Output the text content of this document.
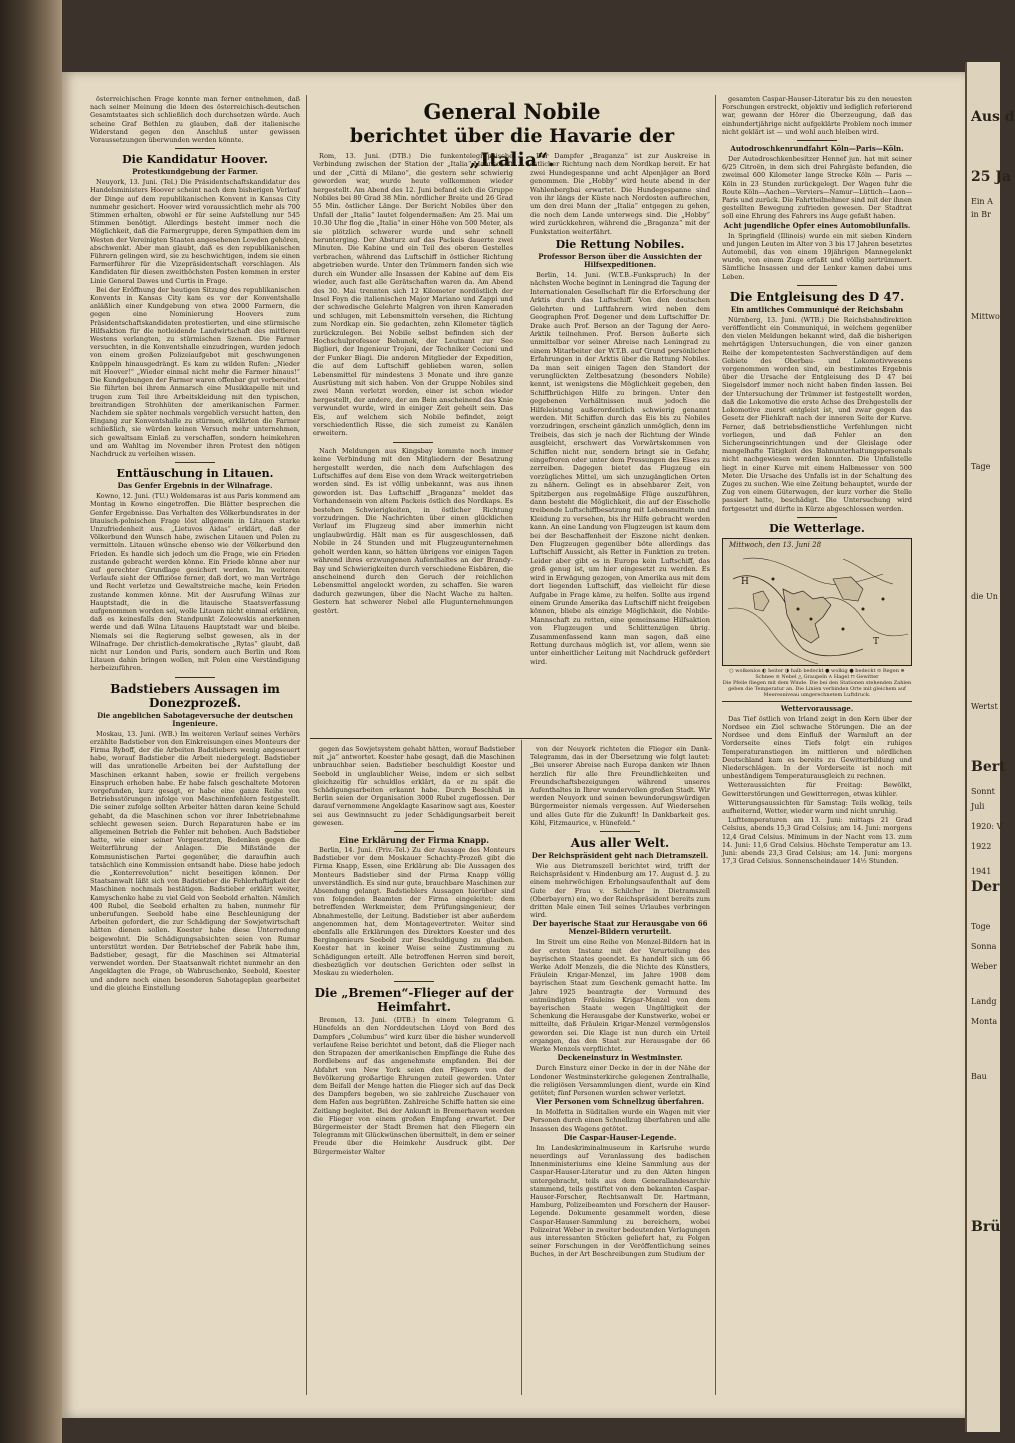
österreichischen Frage konnte man ferner entnehmen, daß nach seiner Meinung die Ideen des österreichisch-deutschen Gesamtstaates sich schließlich doch durchsetzen würde. Auch scheine Graf Bethlen zu glauben, daß der italienische Widerstand gegen den Anschluß unter gewissen Voraussetzungen überwunden werden könnte.

Die Kandidatur Hoover.
Protestkundgebung der Farmer.

Neuyork, 13. Juni. (Tel.) Die Präsidentschaftskandidatur des Handelsministers Hoover scheint nach dem bisherigen Verlauf der Dinge auf dem republikanischen Konvent in Kansas City nunmehr gesichert. Hoover wird voraussichtlich mehr als 700 Stimmen erhalten, obwohl er für seine Aufstellung nur 545 Stimmen benötigt. Allerdings besteht immer noch die Möglichkeit, daß die Farmergruppe, deren Sympathien dem im Westen der Vereinigten Staaten angesehenen Lowden gehören, abschwenkt. Aber man glaubt, daß es den republikanischen Führern gelingen wird, sie zu beschwichtigen, indem sie einen Farmerführer für die Vizepräsidentschaft vorschlagen. Als Kandidaten für diesen zweithöchsten Posten kommen in erster Linie General Dawes und Curtis in Frage.

Bei der Eröffnung der heutigen Sitzung des republikanischen Konvents in Kansas City kam es vor der Konventshalle anläßlich einer Kundgebung von etwa 2000 Farmern, die gegen eine Nominierung Hoovers zum Präsidentschaftskandidaten protestierten, und eine stürmische Hilfsaktion für die notleidende Landwirtschaft des mittleren Westens verlangten, zu stürmischen Szenen. Die Farmer versuchten, in die Konventshalle einzudringen, wurden jedoch von einem großen Polizeiaufgebot mit geschwungenen Knüppeln hinausgedrängt. Es kam zu wilden Rufen: „Nieder mit Hoover!“ „Wieder einmal nicht mehr die Farmer hinaus!“ Die Kundgebungen der Farmer waren offenbar gut vorbereitet. Sie führten bei ihrem Anmarsch eine Musikkapelle mit und trugen zum Teil ihre Arbeitskleidung mit den typischen, breitrandigen Strohhüten der amerikanischen Farmer. Nachdem sie später nochmals vergeblich versucht hatten, den Eingang zur Konventshalle zu stürmen, erklärten die Farmer schließlich, sie würden keinen Versuch mehr unternehmen, sich gewaltsam Einlaß zu verschaffen, sondern heimkehren und am Wahltag im November ihren Protest den nötigen Nachdruck zu verleihen wissen.

Enttäuschung in Litauen.
Das Genfer Ergebnis in der Wilnafrage.

Kowno, 12. Juni. (TU.) Woldemaras ist aus Paris kommend am Montag in Kowno eingetroffen. Die Blätter besprechen die Genfer Ergebnisse. Das Verhalten des Völkerbundsrates in der litauisch-polnischen Frage löst allgemein in Litauen starke Unzufriedenheit aus. „Lietuvos Aidas“ erklärt, daß der Völkerbund den Wunsch habe, zwischen Litauen und Polen zu vermitteln. Litauen wünsche ebenso wie der Völkerbund den Frieden. Es handle sich jedoch um die Frage, wie ein Frieden zustande gebracht werden könne. Ein Friede könne aber nur auf gerechter Grundlage gesichert werden. Im weiteren Verlaufe sieht der Offiziöse ferner, daß dort, wo man Verträge und Recht verletze und Gewaltstreiche mache, kein Frieden zustande kommen könne. Mit der Ausrufung Wilnas zur Hauptstadt, die in die litauische Staatsverfassung aufgenommen worden sei, wolle Litauen nicht einmal erklären, daß es keinesfalls den Standpunkt Zeleowskis anerkennen werde und daß Wilna Litauens Hauptstadt war und bleibe. Niemals sei die Regierung selbst gewesen, als in der Wilnafrage. Der christlich-demokratische „Rytas“ glaubt, daß nicht nur London und Paris, sondern auch Berlin und Rom Litauen dahin bringen wollen, mit Polen eine Verständigung herbeizuführen.

Badstiebers Aussagen im Donezprozeß.
Die angeblichen Sabotageversuche der deutschen Ingenieure.

Moskau, 13. Juni. (WB.) Im weiteren Verlauf seines Verhörs erzählte Badstieber von den Einkreisungen eines Monteurs der Firma Ryboff, der die Arbeiten Badstiebers wenig angeseuert habe, worauf Badstieber die Arbeit niedergelegt. Badstieber will das unrationelle Arbeiten bei der Aufstellung der Maschinen erkannt haben, sowie er freilich vergebens Einspruch erhoben habe. Er habe falsch geschaltete Motoren vorgefunden, kurz gesagt, er habe eine ganze Reihe von Betriebsstörungen infolge von Maschinenfehlern festgestellt. Die seiner zufolge sollten Arbeiter hätten daran keine Schuld gehabt, da die Maschinen schon vor ihrer Inbetriebnahme schlecht gewesen seien. Durch Reparaturen habe er im allgemeinen Betrieb die Fehler mit behoben. Auch Badstieber hatte, wie einer seiner Vorgesetzten, Bedenken gegen die Weiterführung der Anlagen. Die Mißstände der Kommunistischen Partei gegenüber, die daraufhin auch tatsächlich eine Kommission entsandt habe. Diese habe jedoch die „Konterrevolution“ nicht beseitigen können. Der Staatsanwalt läßt sich von Badstieber die Fehlerhaftigkeit der Maschinen nochmals bestätigen. Badstieber erklärt weiter, Kamyschenko habe zu viel Geld von Seebold erhalten. Nämlich 400 Rubel, die Seebold erhalten zu haben, nunmehr für unberufungen. Seebold habe eine Beschleunigung der Arbeiten gefordert, die zur Schädigung der Sowjetwirtschaft hätten dienen sollen. Koester habe diese Unterredung beigewohnt. Die Schädigungsabsichten seien von Rumar unterstützt worden. Der Betriebschef der Fabrik habe ihm, Badstieber, gesagt, für die Maschinen sei Altmaterial verwendet worden. Der Staatsanwalt richtet nunmehr an den Angeklagten die Frage, ob Wabruschenko, Seebold, Koester und andere noch einen besonderen Sabotageplan gearbeitet und die gleiche Einstellung

General Nobile
berichtet über die Havarie der „Italia“.

Rom, 13. Juni. (DTB.) Die funkentelegraphische Verbindung zwischen der Station der „Italia“-Mannschaft und der „Città di Milano“, die gestern sehr schwierig geworden war, wurde heute vollkommen wieder hergestellt. Am Abend des 12. Juni befand sich die Gruppe Nobiles bei 80 Grad 38 Min. nördlicher Breite und 26 Grad 55 Min. östlicher Länge. Der Bericht Nobiles über den Unfall der „Italia“ lautet folgendermaßen: Am 25. Mai um 10.30 Uhr flog die „Italia“ in einer Höhe von 500 Meter, als sie plötzlich schwerer wurde und sehr schnell herunterging. Der Absturz auf das Packeis dauerte zwei Minuten. Die Kabine und ein Teil des oberen Gestelles verbrachen, während das Luftschiff in östlicher Richtung abgetrieben wurde. Unter den Trümmern fanden sich wie durch ein Wunder alle Insassen der Kabine auf dem Eis wieder, auch fast alle Gerätschaften waren da. Am Abend des 30. Mai trennten sich 12 Kilometer nordöstlich der Insel Foyn die italienischen Major Mariano und Zappi und der schwedische Gelehrte Malgren von ihren Kameraden und schlugen, mit Lebensmitteln versehen, die Richtung zum Nordkap ein. Sie gedachten, zehn Kilometer täglich zurückzulegen. Bei Nobile selbst befinden sich der Hochschulprofessor Behunek, der Leutnant zur See Biglieri, der Ingenieur Trojani, der Techniker Cecioni und der Funker Biagi. Die anderen Mitglieder der Expedition, die auf dem Luftschiff geblieben waren, sollen Lebensmittel für mindestens 3 Monate und ihre ganze Ausrüstung mit sich haben. Von der Gruppe Nobiles sind zwei Mann verletzt worden, einer ist schon wieder hergestellt, der andere, der am Bein anscheinend das Knie verwundet wurde, wird in einiger Zeit geheilt sein. Das Eis, auf welchem sich Nobile befindet, zeigt verschiedentlich Risse, die sich zumeist zu Kanälen erweitern.

Nach Meldungen aus Kingsbay kommte noch immer keine Verbindung mit den Mitgliedern der Besatzung hergestellt werden, die nach dem Aufschlagen des Luftschiffes auf dem Eise von dem Wrack weitergetrieben worden sind. Es ist völlig unbekannt, was aus ihnen geworden ist. Das Luftschiff „Braganza“ meldet das Vorhandensein von altem Packeis östlich des Nordkaps. Es bestehen Schwierigkeiten, in östlicher Richtung vorzudringen. Die Nachrichten über einen glücklichen Verlauf im Flugzeug sind aber immerhin nicht unglaubwürdig. Hält man es für ausgeschlossen, daß Nobile in 24 Stunden und mit Flugzeugunternehmen geholt werden kann, so hätten übrigens vor einigen Tagen während ihres erzwungenen Aufenthaltes an der Brandy-Bay und Schwierigkeiten durch verschiedene Eisbären, die anscheinend durch den Geruch der reichlichen Lebensmittel angelockt worden, zu schaffen. Sie waren dadurch gezwungen, über die Nacht Wache zu halten. Gestern hat schwerer Nebel alle Flugunternehmungen gestört.

Der Dampfer „Braganza“ ist zur Auskreise in östlicher Richtung nach dem Nordkap bereit. Er hat zwei Hundegespanne und acht Alpenjäger an Bord genommen. Die „Hobby“ wird heute abend in der Wahlenbergbai erwartet. Die Hundegespanne sind von ihr längs der Küste nach Nordosten aufbrechen, um den drei Mann der „Italia“ entgegen zu gehen, die noch dem Lande unterwegs sind. Die „Hobby“ wird zurückkehren, während die „Braganza“ mit der Funkstation weiterfährt.

Die Rettung Nobiles.
Professor Berson über die Aussichten der Hilfsexpeditionen.

Berlin, 14. Juni. (W.T.B.-Funkspruch) In der nächsten Woche beginnt in Leningrad die Tagung der Internationalen Gesellschaft für die Erforschung der Arktis durch das Luftschiff. Von den deutschen Gelehrten und Luftfahrern wird neben dem Geographen Prof. Degener und dem Luftschiffer Dr. Drake auch Prof. Berson an der Tagung der Aero-Arktik teilnehmen. Prof. Berson äußerte sich unmittelbar vor seiner Abreise nach Leningrad zu einem Mitarbeiter der W.T.B. auf Grund persönlicher Erfahrungen in der Arktis über die Rettung Nobiles. Da man seit einigen Tagen den Standort der verunglückten Zeltbesatzung (besonders Nobile) kennt, ist wenigstens die Möglichkeit gegeben, den Schiffbrüchigen Hilfe zu bringen. Unter den gegebenen Verhältnissen muß jedoch die Hilfeleistung außerordentlich schwierig genannt werden. Mit Schiffen durch das Eis bis zu Nobiles vorzudringen, erscheint gänzlich unmöglich, denn im Treibeis, das sich je nach der Richtung der Winde ausgleicht, erschwert das Vorwärtskommen von Schiffen nicht nur, sondern bringt sie in Gefahr, eingefroren oder unter dem Pressungen des Eises zu zerreiben. Dagegen bietet das Flugzeug ein vorzügliches Mittel, um sich unzugänglichen Orten zu nähern. Gelingt es in absehbarer Zeit, von Spitzbergen aus regelmäßige Flüge auszuführen, dann besteht die Möglichkeit, die auf der Eisscholle treibende Luftschiffbesatzung mit Lebensmitteln und Kleidung zu versehen, bis ihr Hilfe gebracht werden kann. An eine Landung von Flugzeugen ist kaum dem bei der Beschaffenheit der Eiszone nicht denken. Den Flugzeugen gegenüber böte allerdings das Luftschiff Aussicht, als Retter in Funktion zu treten. Leider aber gibt es in Europa kein Luftschiff, das groß genug ist, um hier eingesetzt zu werden. Es wird in Erwägung gezogen, von Amerika aus mit dem dort liegenden Luftschiff, das vielleicht für diese Aufgabe in Frage käme, zu helfen. Sollte aus irgend einem Grunde Amerika das Luftschiff nicht freigeben können, bliebe als einzige Möglichkeit, die Nobile-Mannschaft zu retten, eine gemeinsame Hilfsaktion von Flugzeugen und Schlittenzügen übrig. Zusammenfassend kann man sagen, daß eine Rettung durchaus möglich ist, vor allem, wenn sie unter einheitlicher Leitung mit Nachdruck gefördert wird.

gegen das Sowjetsystem gehabt hätten, worauf Badstieber mit „ja“ antwortet. Koester habe gesagt, daß die Maschinen unbrauchbar seien. Badstieber beschuldigt Koester und Seebold in unglaublicher Weise, indem er sich selbst gleichzeitig für schuldlos erklärt, da er zu spät die Schädigungsarbeiten erkannt habe. Durch Beschluß in Berlin seien der Organisation 3000 Rubel zugeflossen. Der darauf vernommene Angeklagte Kasarinow sagt aus, Koester sei aus Gewinnsucht zu jeder Schädigungsarbeit bereit gewesen.

Eine Erklärung der Firma Knapp.

Berlin, 14. Juni. (Priv.-Tel.) Zu der Aussage des Monteurs Badstieber vor dem Moskauer Schachty-Prozeß gibt die Firma Knapp, Essen, eine Erklärung ab: Die Aussagen des Monteurs Badstieber sind der Firma Knapp völlig unverständlich. Es sind nur gute, brauchbare Maschinen zur Absendung gelangt. Badstieblers Aussagen hierüber sind von folgenden Beamten der Firma eingeleitet: dem betreffenden Werkmeister, dem Prüfungsingenieur, der Abnahmestelle, der Leitung. Badstieber ist aber außerdem angenommen hat, dem Montagevertreter. Weiter sind ebenfalls alle Erklärungen des Direktors Koester und des Bergingenieurs Seebold zur Beschuldigung zu glauben. Koester hat in keiner Weise seine Zustimmung zu Schädigungen erteilt. Alle betroffenen Herren sind bereit, diesbezüglich vor deutschen Gerichten oder selbst in Moskau zu wiederholen.

Die „Bremen“-Flieger auf der Heimfahrt.

Bremen, 13. Juni. (DTB.) In einem Telegramm G. Hünefelds an den Norddeutschen Lloyd von Bord des Dampfers „Columbus“ wird kurz über die bisher wundervoll verlaufene Reise berichtet und betont, daß die Flieger nach den Strapazen der amerikanischen Empfänge die Ruhe des Bordlebens auf das angenehmste empfanden. Bei der Abfahrt von New York seien den Fliegern von der Bevölkerung großartige Ehrungen zuteil geworden. Unter dem Beifall der Menge hatten die Flieger sich auf das Deck des Dampfers begeben, wo sie zahlreiche Zuschauer von dem Hafen aus begrüßten. Zahlreiche Schiffe hatten sie eine Zeitlang begleitet. Bei der Ankunft in Bremerhaven werden die Flieger von einem großen Empfang erwartet. Der Bürgermeister der Stadt Bremen hat den Fliegern ein Telegramm mit Glückwünschen übermittelt, in dem er seiner Freude über die Heimkehr Ausdruck gibt. Der Bürgermeister Walter

von der Neuyork richteten die Flieger ein Dank-Telegramm, das in der Übersetzung wie folgt lautet: „Bei unserer Abreise nach Europa danken wir Ihnen herzlich für alle Ihre Freundlichkeiten und Freundschaftsbezeigungen während unseres Aufenthaltes in Ihrer wundervollen großen Stadt. Wir werden Neuyork und seinen bewunderungswürdigen Bürgermeister niemals vergessen. Auf Wiedersehen und alles Gute für die Zukunft! In Dankbarkeit ges. Köhl, Fitzmaurice, v. Hünefeld.“

Aus aller Welt.
Der Reichspräsident geht nach Dietramszell.

Wie aus Dietramszell berichtet wird, trifft der Reichspräsident v. Hindenburg am 17. August d. J. zu einem mehrwöchigen Erholungsaufenthalt auf dem Gute der Frau v. Schilcher in Dietramszell (Oberbayern) ein, wo der Reichspräsident bereits zum dritten Male einen Teil seines Urlaubes verbringen wird.

Der bayerische Staat zur Herausgabe von 66 Menzel-Bildern verurteilt.

Im Streit um eine Reihe von Menzel-Bildern hat in der ersten Instanz mit der Verurteilung des bayrischen Staates geendet. Es handelt sich um 66 Werke Adolf Menzels, die die Nichte des Künstlers, Fräulein Krigar-Menzel, im Jahre 1908 dem bayrischen Staat zum Geschenk gemacht hatte. Im Jahre 1925 beantragte der Vormund des entmündigten Fräuleins Krigar-Menzel von dem bayerischen Staate wegen Ungültigkeit der Schenkung die Herausgabe der Kunstwerke, wobei er mitteilte, daß Fräulein Krigar-Menzel vermögenslos geworden sei. Die Klage ist nun durch ein Urteil ergangen, das den Staat zur Herausgabe der 66 Werke Menzels verpflichtet.

Deckeneinsturz in Westminster.

Durch Einsturz einer Decke in der in der Nähe der Londoner Westminsterkirche gelegenen Zentralhalle, die religiösen Versammlungen dient, wurde ein Kind getötet; fünf Personen wurden schwer verletzt.

Vier Personen vom Schnellzug überfahren.

In Molfetta in Süditalien wurde ein Wagen mit vier Personen durch einen Schnellzug überfahren und alle Insassen des Wagens getötet.

Die Caspar-Hauser-Legende.

Im Landeskriminalmuseum in Karlsruhe wurde neuerdings auf Veranlassung des badischen Innenministeriums eine kleine Sammlung aus der Caspar-Hauser-Literatur und zu den Akten hingen untergebracht, teils aus dem Generallandesarchiv stammend, teils gestiftet von dem bekannten Caspar-Hauser-Forscher, Rechtsanwalt Dr. Hartmann, Hamburg, Polizeibeamten und Forschern der Hauser-Legende. Dokumente gesammelt worden, diese Caspar-Hauser-Sammlung zu bereichern, wobei Polizeirat Weber in zweiter bedeutenden Verlagungen aus interessanten Stücken geliefert hat, zu Folgen seiner Forschungen in der Veröffentlichung seines Buches, in der Art Beschreibungen zum Studium der

gesamten Caspar-Hauser-Literatur bis zu den neuesten Forschungen erstreckt, objektiv und lediglich referierend war, gewann der Hörer die Überzeugung, daß das einhundertjährige nicht aufgeklärte Problem noch immer nicht geklärt ist — und wohl auch bleiben wird.

Autodroschkenrundfahrt Köln—Paris—Köln.

Der Autodroschkenbesitzer Hennef jun. hat mit seiner 6/25 Citroën, in dem sich drei Fahrgäste befanden, die zweimal 600 Kilometer lange Strecke Köln — Paris — Köln in 23 Stunden zurückgelegt. Der Wagen fuhr die Route Köln—Aachen—Verviers—Namur—Lüttich—Laon—Paris und zurück. Die Fahrtteilnehmer sind mit der ihnen gestellten Bewegung zufrieden gewesen. Der Stadtrat soll eine Ehrung des Fahrers ins Auge gefaßt haben.

Acht jugendliche Opfer eines Automobilunfalls.

In Springfield (Illinois) wurde ein mit sieben Kindern und jungen Leuten im Alter von 3 bis 17 Jahren besetztes Automobil, das von einem 19jährigen Mannegelenkt wurde, von einem Zuge erfaßt und völlig zertrümmert. Sämtliche Insassen und der Lenker kamen dabei ums Leben.

Die Entgleisung des D 47.
Ein amtliches Communiqué der Reichsbahn

Nürnberg, 13. Juni. (WTB.) Die Reichsbahndirektion veröffentlicht ein Communiqué, in welchem gegenüber den vielen Meldungen bekannt wird, daß die bisherigen mehrtägigen Untersuchungen, die von einer ganzen Reihe der kompetentesten Sachverständigen auf dem Gebiete des Oberbau- und Lokomotivwesens vorgenommen worden sind, ein bestimmtes Ergebnis über die Ursache der Entgleisung des D 47 bei Siegelsdorf immer noch nicht haben finden lassen. Bei der Untersuchung der Trümmer ist festgestellt worden, daß die Lokomotive die erste Achse des Drehgestells der Lokomotive zuerst entgleist ist, und zwar gegen das Gesetz der Fliehkraft nach der inneren Seite der Kurve. Ferner, daß betriebsdienstliche Verfehlungen nicht vorliegen, und daß Fehler an den Sicherungseinrichtungen und der Gleislage oder mangelhafte Tätigkeit des Bahnunterhaltungspersonals nicht nachgewiesen werden konnten. Die Unfallstelle liegt in einer Kurve mit einem Halbmesser von 500 Meter. Die Ursache des Unfalls ist in der Schaltung des Zuges zu suchen. Wie eine Zeitung behauptet, wurde der Zug von einem Güterwagen, der kurz vorher die Stelle passiert hatte, beschädigt. Die Untersuchung wird fortgesetzt und dürfte in Kürze abgeschlossen werden.

Die Wetterlage.
H
T
Mittwoch, den 13. Juni 28
○ wolkenlos ◐ heiter ◑ halb bedeckt ● wolkig ● bedeckt ⊙ Regen ⊛ Schnee ≡ Nebel △ Graupeln ∧ Hagel ⊓ Gewitter
Die Pfeile fliegen mit dem Winde. Die bei den Stationen stehenden Zahlen geben die Temperatur an. Die Linien verbinden Orte mit gleichem auf Meeresniveau umgerechnetem Luftdruck.
Wettervoraussage.

Das Tief östlich von Irland zeigt in den Kern über der Nordsee ein Ziel schwache Störungen. Die an der Nordsee und dem Einfluß der Warmluft an der Vorderseite eines Tiefs folgt ein ruhiges Temperaturanstiegen im mittleren und nördlichen Deutschland kam es bereits zu Gewitterbildung und Niederschlägen. In der Vorderseite ist noch mit unbeständigem Temperaturausgleich zu rechnen.

Wetteraussichten für Freitag: Bewölkt, Gewitterstörungen und Gewitterregen, etwas kühler.

Witterungsaussichten für Samstag: Teils wolkig, teils aufheiternd, Wetter, wieder warm und nicht unruhig.

Lufttemperaturen am 13. Juni: mittags 21 Grad Celsius, abends 15,3 Grad Celsius; am 14. Juni: morgens 12,4 Grad Celsius. Minimum in der Nacht vom 13. zum 14. Juni: 11,6 Grad Celsius. Höchste Temperatur am 13. Juni: abends 23,3 Grad Celsius; am 14. Juni: morgens 17,3 Grad Celsius. Sonnenscheindauer 14½ Stunden.

Aus d
25 Ja
Ein A
in Br
Mittwo
Tage
die Un
Wertst
Bert
Sonnt
Juli
1920: V
1922
1941
Der
Toge
Sonna
Weber
Landg
Monta
Bau
Brü
